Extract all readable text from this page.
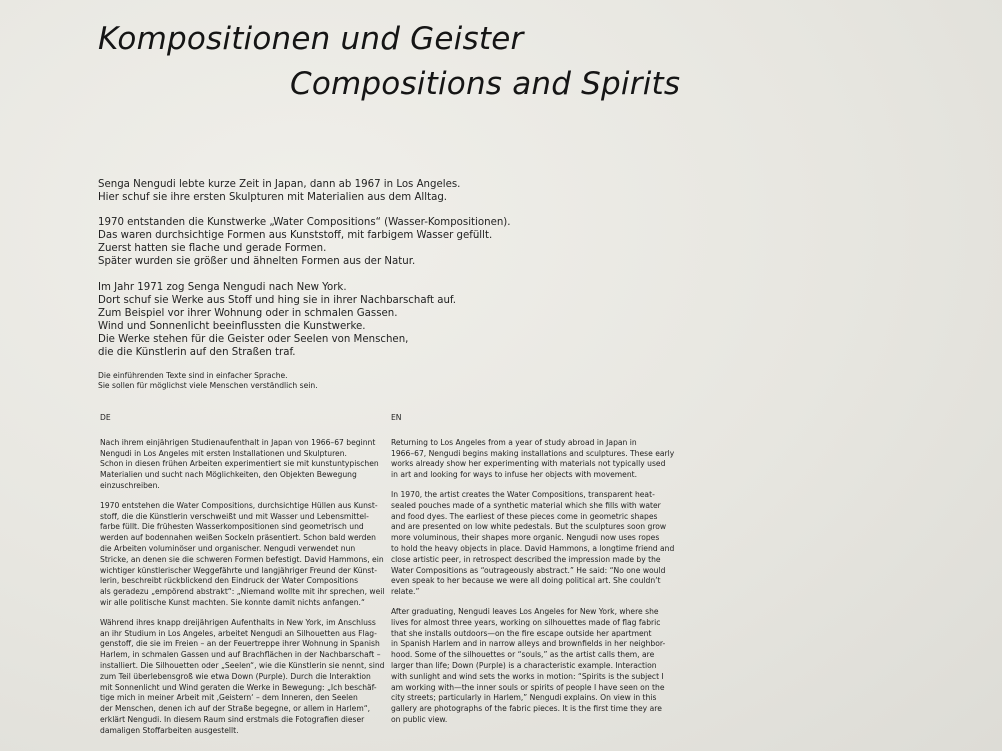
Kompositionen und Geister
Compositions and Spirits

Senga Nengudi lebte kurze Zeit in Japan, dann ab 1967 in Los Angeles.
Hier schuf sie ihre ersten Skulpturen mit Materialien aus dem Alltag.

1970 entstanden die Kunstwerke „Water Compositions“ (Wasser-Kompositionen).
Das waren durchsichtige Formen aus Kunststoff, mit farbigem Wasser gefüllt.
Zuerst hatten sie flache und gerade Formen.
Später wurden sie größer und ähnelten Formen aus der Natur.

Im Jahr 1971 zog Senga Nengudi nach New York.
Dort schuf sie Werke aus Stoff und hing sie in ihrer Nachbarschaft auf.
Zum Beispiel vor ihrer Wohnung oder in schmalen Gassen.
Wind und Sonnenlicht beeinflussten die Kunstwerke.
Die Werke stehen für die Geister oder Seelen von Menschen,
die die Künstlerin auf den Straßen traf.

Die einführenden Texte sind in einfacher Sprache.
Sie sollen für möglichst viele Menschen verständlich sein.

DE

Nach ihrem einjährigen Studienaufenthalt in Japan von 1966–67 beginnt
Nengudi in Los Angeles mit ersten Installationen und Skulpturen.
Schon in diesen frühen Arbeiten experimentiert sie mit kunstuntypischen
Materialien und sucht nach Möglichkeiten, den Objekten Bewegung
einzuschreiben.

1970 entstehen die Water Compositions, durchsichtige Hüllen aus Kunst-
stoff, die die Künstlerin verschweißt und mit Wasser und Lebensmittel-
farbe füllt. Die frühesten Wasserkompositionen sind geometrisch und
werden auf bodennahen weißen Sockeln präsentiert. Schon bald werden
die Arbeiten voluminöser und organischer. Nengudi verwendet nun
Stricke, an denen sie die schweren Formen befestigt. David Hammons, ein
wichtiger künstlerischer Weggefährte und langjähriger Freund der Künst-
lerin, beschreibt rückblickend den Eindruck der Water Compositions
als geradezu „empörend abstrakt“: „Niemand wollte mit ihr sprechen, weil
wir alle politische Kunst machten. Sie konnte damit nichts anfangen.“

Während ihres knapp dreijährigen Aufenthalts in New York, im Anschluss
an ihr Studium in Los Angeles, arbeitet Nengudi an Silhouetten aus Flag-
genstoff, die sie im Freien – an der Feuertreppe ihrer Wohnung in Spanish
Harlem, in schmalen Gassen und auf Brachflächen in der Nachbarschaft –
installiert. Die Silhouetten oder „Seelen“, wie die Künstlerin sie nennt, sind
zum Teil überlebensgroß wie etwa Down (Purple). Durch die Interaktion
mit Sonnenlicht und Wind geraten die Werke in Bewegung: „Ich beschäf-
tige mich in meiner Arbeit mit ‚Geistern‘ – dem Inneren, den Seelen
der Menschen, denen ich auf der Straße begegne, or allem in Harlem“,
erklärt Nengudi. In diesem Raum sind erstmals die Fotografien dieser
damaligen Stoffarbeiten ausgestellt.

EN

Returning to Los Angeles from a year of study abroad in Japan in
1966–67, Nengudi begins making installations and sculptures. These early
works already show her experimenting with materials not typically used
in art and looking for ways to infuse her objects with movement.

In 1970, the artist creates the Water Compositions, transparent heat-
sealed pouches made of a synthetic material which she fills with water
and food dyes. The earliest of these pieces come in geometric shapes
and are presented on low white pedestals. But the sculptures soon grow
more voluminous, their shapes more organic. Nengudi now uses ropes
to hold the heavy objects in place. David Hammons, a longtime friend and
close artistic peer, in retrospect described the impression made by the
Water Compositions as “outrageously abstract.” He said: “No one would
even speak to her because we were all doing political art. She couldn’t
relate.”

After graduating, Nengudi leaves Los Angeles for New York, where she
lives for almost three years, working on silhouettes made of flag fabric
that she installs outdoors—on the fire escape outside her apartment
in Spanish Harlem and in narrow alleys and brownfields in her neighbor-
hood. Some of the silhouettes or “souls,” as the artist calls them, are
larger than life; Down (Purple) is a characteristic example. Interaction
with sunlight and wind sets the works in motion: “Spirits is the subject I
am working with—the inner souls or spirits of people I have seen on the
city streets; particularly in Harlem,” Nengudi explains. On view in this
gallery are photographs of the fabric pieces. It is the first time they are
on public view.
